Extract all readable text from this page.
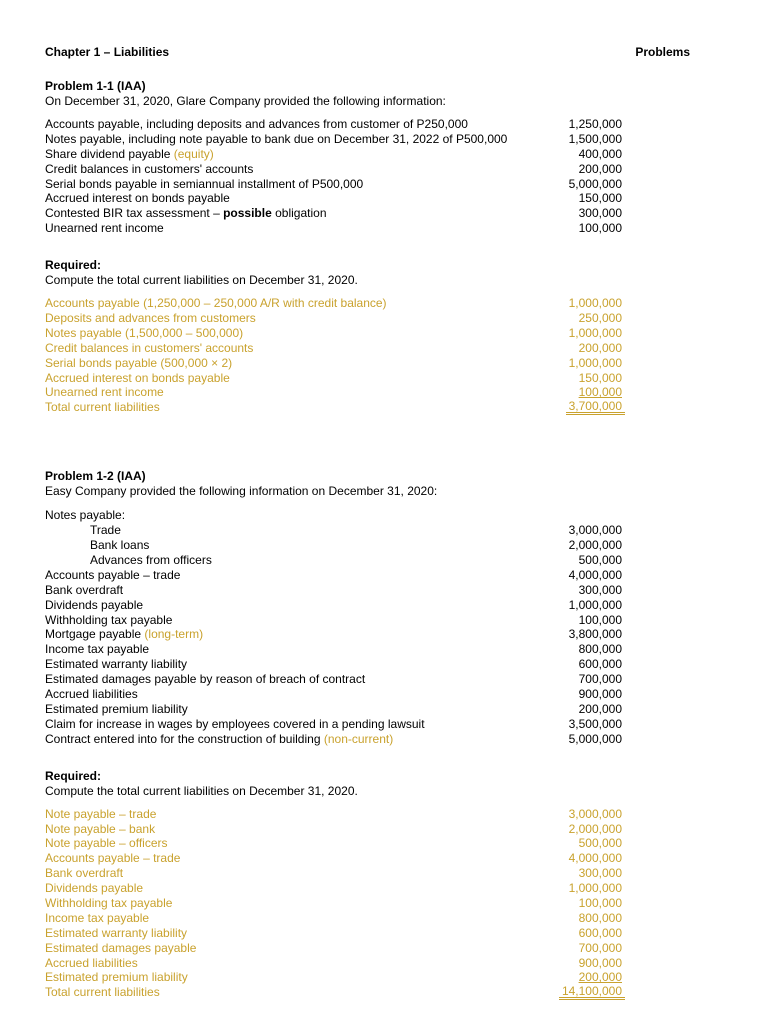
Chapter 1 – Liabilities	Problems
Problem 1-1 (IAA)
On December 31, 2020, Glare Company provided the following information:
Accounts payable, including deposits and advances from customer of P250,000	1,250,000
Notes payable, including note payable to bank due on December 31, 2022 of P500,000	1,500,000
Share dividend payable (equity)	400,000
Credit balances in customers' accounts	200,000
Serial bonds payable in semiannual installment of P500,000	5,000,000
Accrued interest on bonds payable	150,000
Contested BIR tax assessment – possible obligation	300,000
Unearned rent income	100,000
Required:
Compute the total current liabilities on December 31, 2020.
Accounts payable (1,250,000 – 250,000 A/R with credit balance)	1,000,000
Deposits and advances from customers	250,000
Notes payable (1,500,000 – 500,000)	1,000,000
Credit balances in customers' accounts	200,000
Serial bonds payable (500,000 × 2)	1,000,000
Accrued interest on bonds payable	150,000
Unearned rent income	100,000
Total current liabilities	3,700,000
Problem 1-2 (IAA)
Easy Company provided the following information on December 31, 2020:
Notes payable:
Trade	3,000,000
Bank loans	2,000,000
Advances from officers	500,000
Accounts payable – trade	4,000,000
Bank overdraft	300,000
Dividends payable	1,000,000
Withholding tax payable	100,000
Mortgage payable (long-term)	3,800,000
Income tax payable	800,000
Estimated warranty liability	600,000
Estimated damages payable by reason of breach of contract	700,000
Accrued liabilities	900,000
Estimated premium liability	200,000
Claim for increase in wages by employees covered in a pending lawsuit	3,500,000
Contract entered into for the construction of building (non-current)	5,000,000
Required:
Compute the total current liabilities on December 31, 2020.
Note payable – trade	3,000,000
Note payable – bank	2,000,000
Note payable – officers	500,000
Accounts payable – trade	4,000,000
Bank overdraft	300,000
Dividends payable	1,000,000
Withholding tax payable	100,000
Income tax payable	800,000
Estimated warranty liability	600,000
Estimated damages payable	700,000
Accrued liabilities	900,000
Estimated premium liability	200,000
Total current liabilities	14,100,000
